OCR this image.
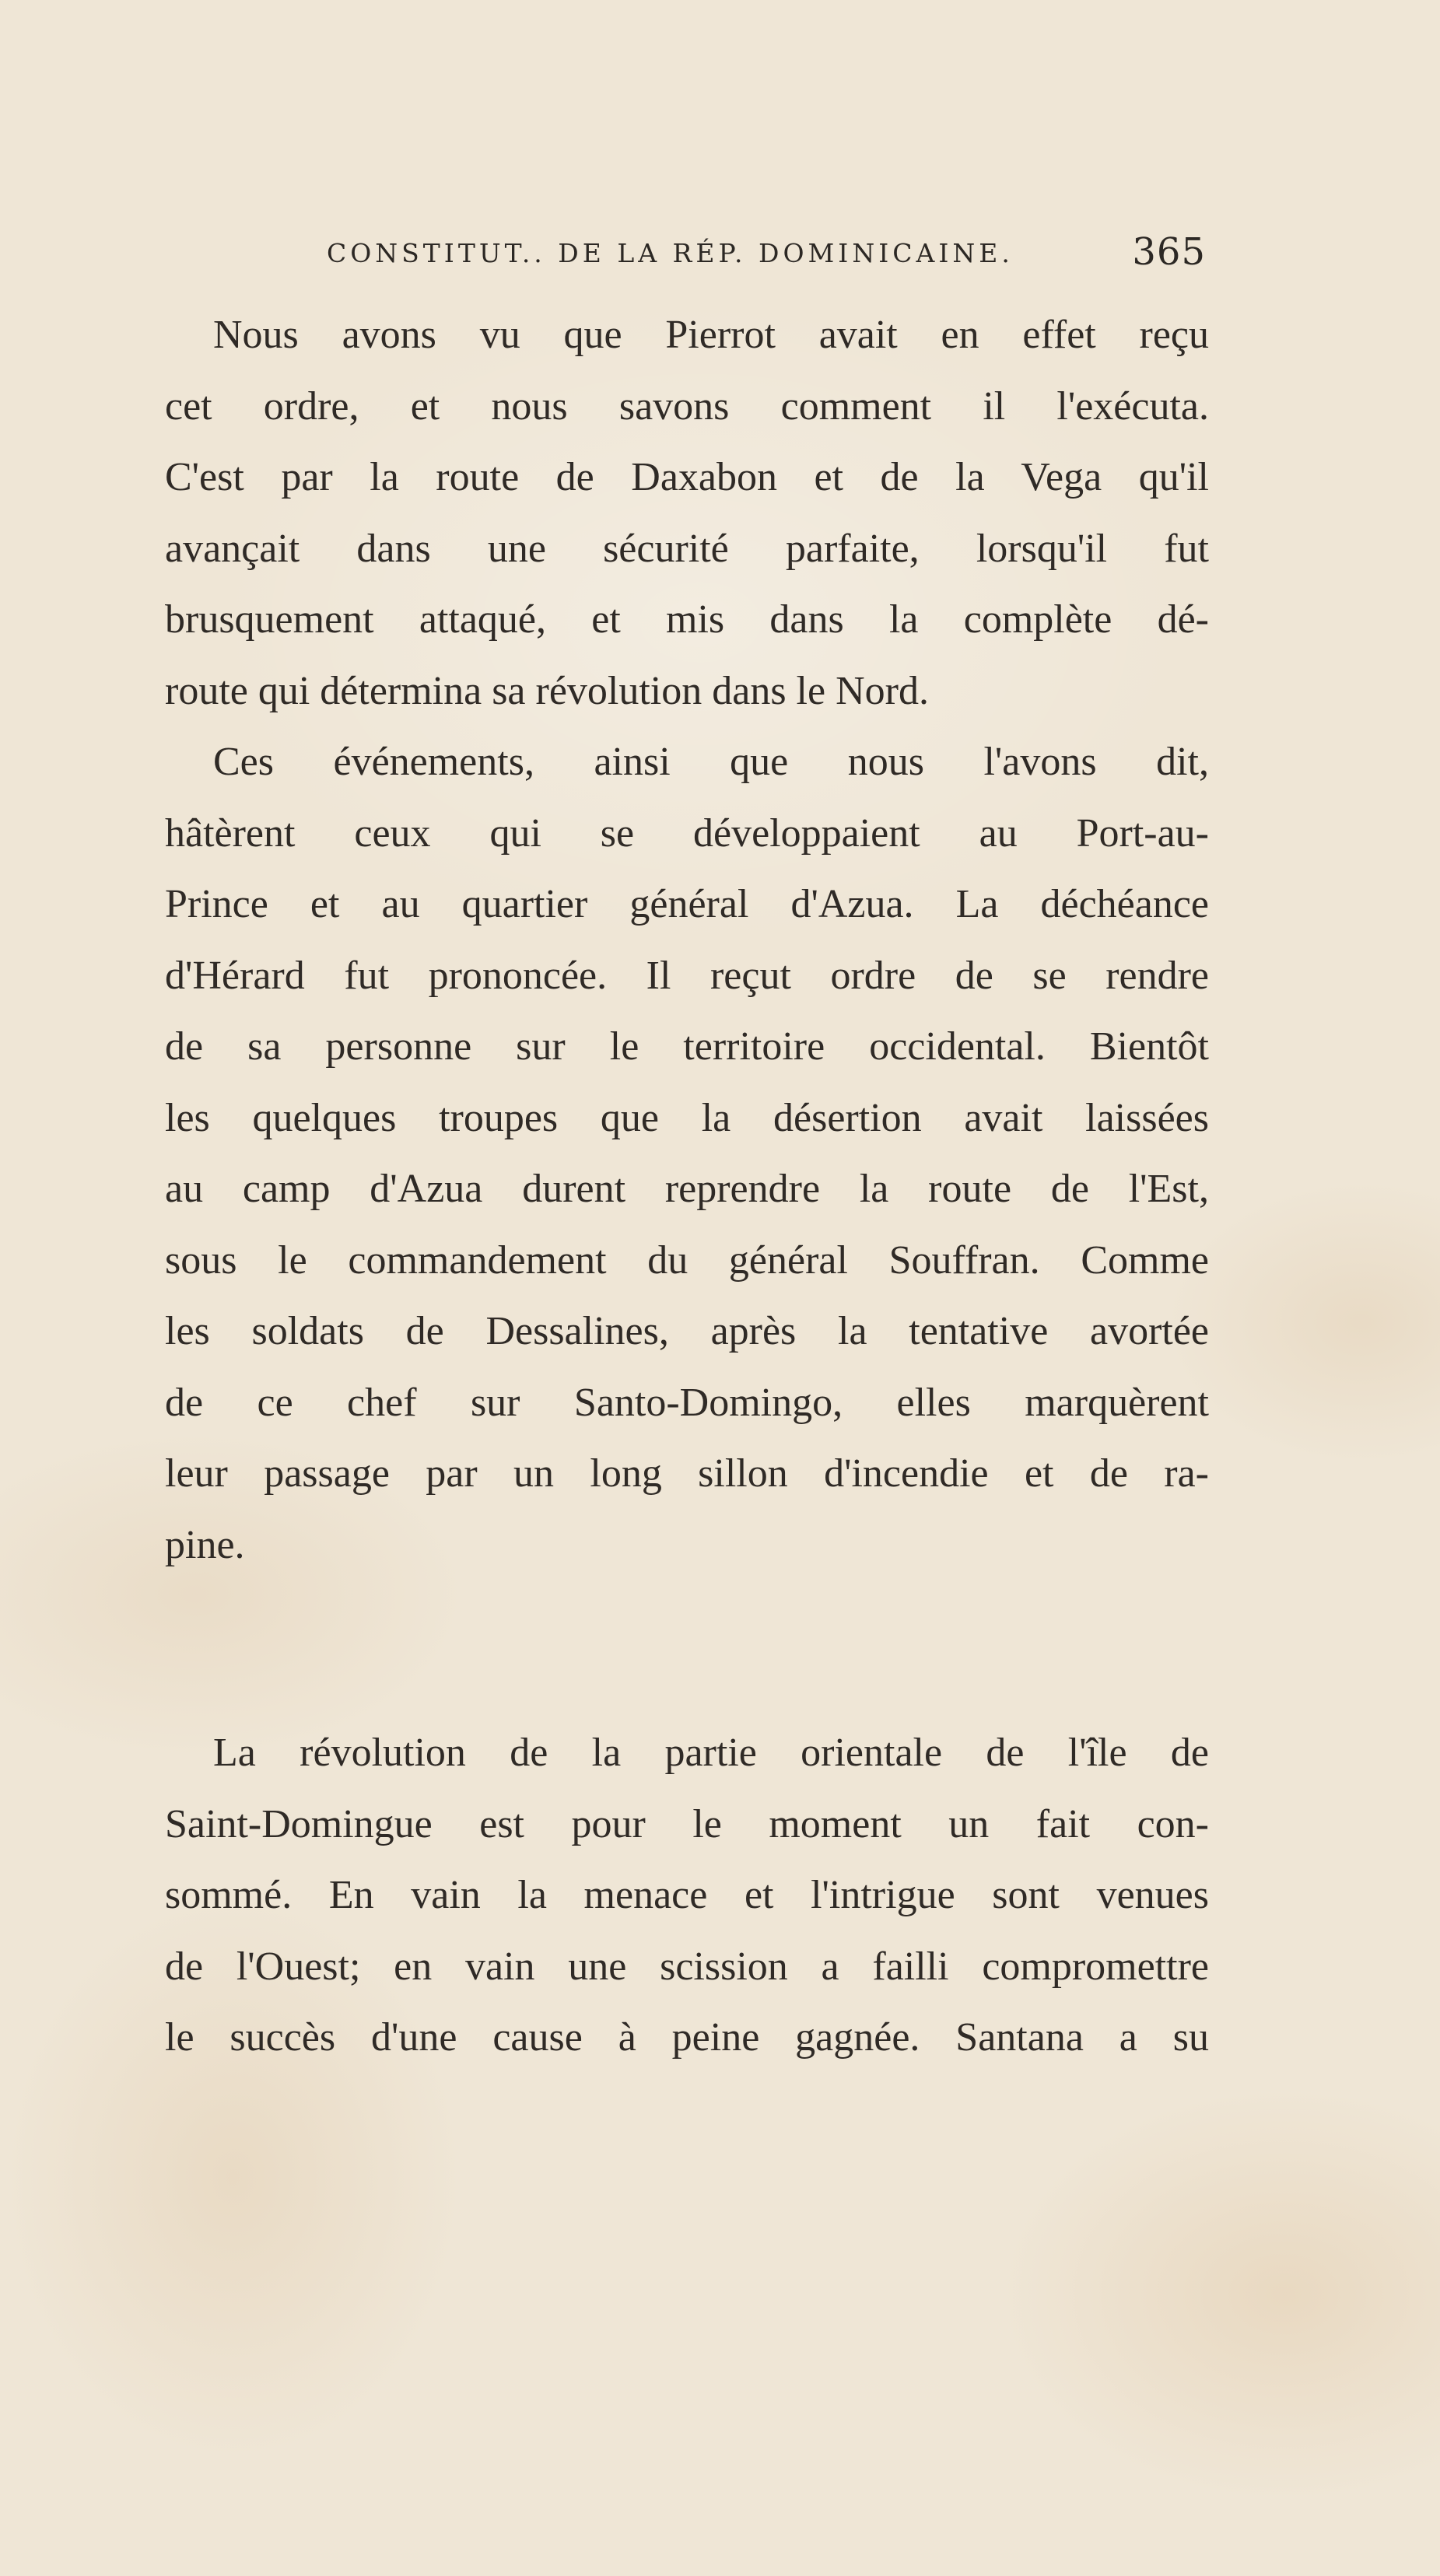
CONSTITUT.. DE LA RÉP. DOMINICAINE.	365
Nous avons vu que Pierrot avait en effet reçu
cet ordre, et nous savons comment il l'exécuta.
C'est par la route de Daxabon et de la Vega qu'il
avançait dans une sécurité parfaite, lorsqu'il fut
brusquement attaqué, et mis dans la complète dé-
route qui détermina sa révolution dans le Nord.
Ces événements, ainsi que nous l'avons dit,
hâtèrent ceux qui se développaient au Port-au-
Prince et au quartier général d'Azua. La déchéance
d'Hérard fut prononcée. Il reçut ordre de se rendre
de sa personne sur le territoire occidental. Bientôt
les quelques troupes que la désertion avait laissées
au camp d'Azua durent reprendre la route de l'Est,
sous le commandement du général Souffran. Comme
les soldats de Dessalines, après la tentative avortée
de ce chef sur Santo-Domingo, elles marquèrent
leur passage par un long sillon d'incendie et de ra-
pine.
La révolution de la partie orientale de l'île de
Saint-Domingue est pour le moment un fait con-
sommé. En vain la menace et l'intrigue sont venues
de l'Ouest; en vain une scission a failli compromettre
le succès d'une cause à peine gagnée. Santana a su
